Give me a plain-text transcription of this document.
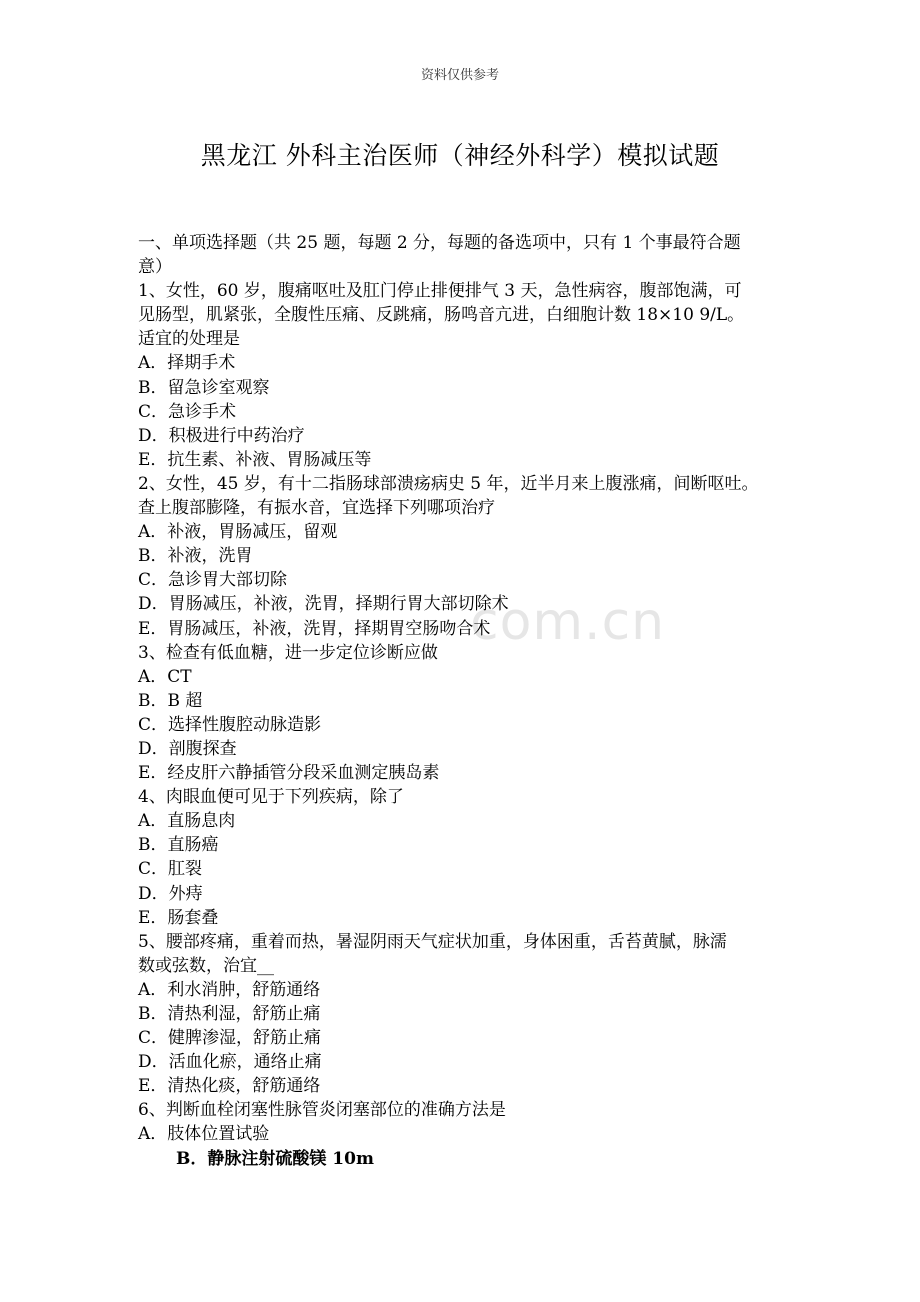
资料仅供参考
黑龙江 外科主治医师（神经外科学）模拟试题
com.cn
一、单项选择题（共 25 题，每题 2 分，每题的备选项中，只有 1 个事最符合题
意）
1、女性，60 岁，腹痛呕吐及肛门停止排便排气 3 天，急性病容，腹部饱满，可
见肠型，肌紧张，全腹性压痛、反跳痛，肠鸣音亢进，白细胞计数 18×10 9/L。
适宜的处理是
A．择期手术
B．留急诊室观察
C．急诊手术
D．积极进行中药治疗
E．抗生素、补液、胃肠减压等
2、女性，45 岁，有十二指肠球部溃疡病史 5 年，近半月来上腹涨痛，间断呕吐。
查上腹部膨隆，有振水音，宜选择下列哪项治疗
A．补液，胃肠减压，留观
B．补液，洗胃
C．急诊胃大部切除
D．胃肠减压，补液，洗胃，择期行胃大部切除术
E．胃肠减压，补液，洗胃，择期胃空肠吻合术
3、检查有低血糖，进一步定位诊断应做
A．CT
B．B 超
C．选择性腹腔动脉造影
D．剖腹探查
E．经皮肝六静插管分段采血测定胰岛素
4、肉眼血便可见于下列疾病，除了
A．直肠息肉
B．直肠癌
C．肛裂
D．外痔
E．肠套叠
5、腰部疼痛，重着而热，暑湿阴雨天气症状加重，身体困重，舌苔黄腻，脉濡
数或弦数，治宜__
A．利水消肿，舒筋通络
B．清热利湿，舒筋止痛
C．健脾渗湿，舒筋止痛
D．活血化瘀，通络止痛
E．清热化痰，舒筋通络
6、判断血栓闭塞性脉管炎闭塞部位的准确方法是
A．肢体位置试验
B．静脉注射硫酸镁 10m
